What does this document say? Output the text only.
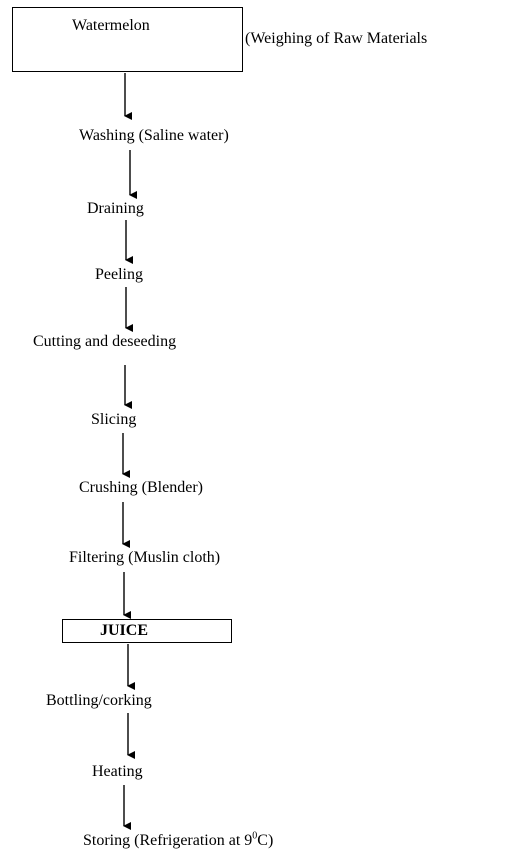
Watermelon
(Weighing of Raw Materials
Washing (Saline water)
Draining
Peeling
Cutting and deseeding
Slicing
Crushing (Blender)
Filtering (Muslin cloth)
JUICE
Bottling/corking
Heating
Storing (Refrigeration at $9^0C$)
